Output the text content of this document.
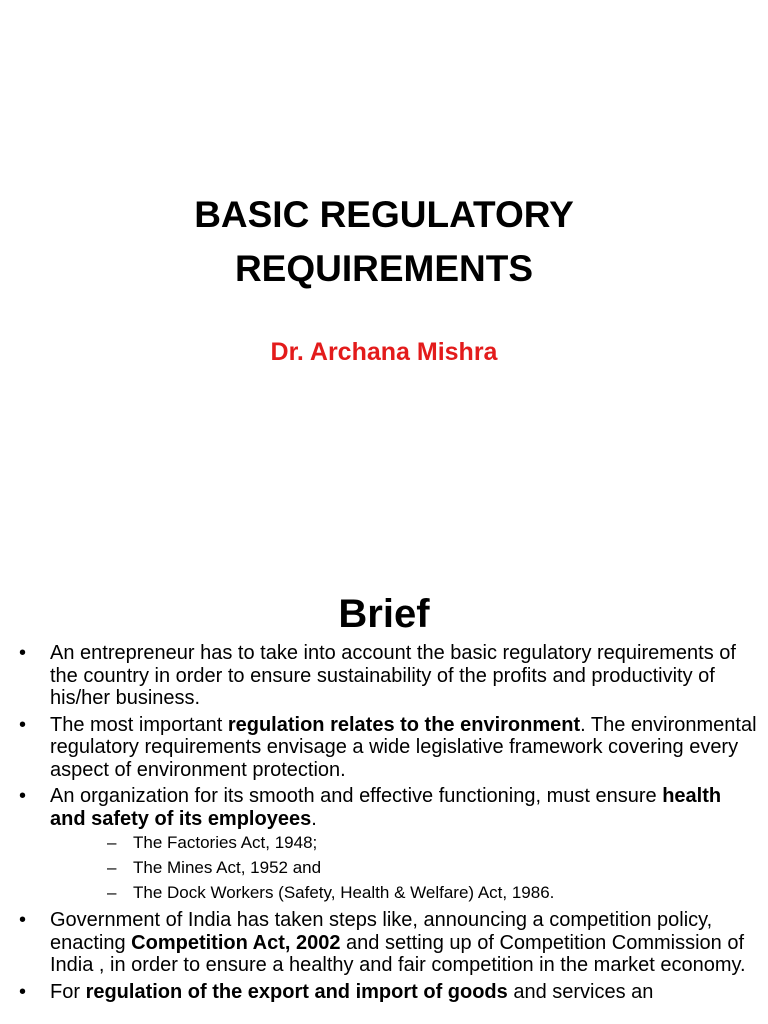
BASIC REGULATORY
REQUIREMENTS
Dr. Archana Mishra
Brief
•	An entrepreneur has to take into account the basic regulatory requirements of the country in order to ensure sustainability of the profits and productivity of his/her business.
•	The most important regulation relates to the environment. The environmental regulatory requirements envisage a wide legislative framework covering every aspect of environment protection.
•	An organization for its smooth and effective functioning, must ensure health and safety of its employees.
– The Factories Act, 1948;
– The Mines Act, 1952 and
– The Dock Workers (Safety, Health & Welfare) Act, 1986.
•	Government of India has taken steps like, announcing a competition policy, enacting Competition Act, 2002 and setting up of Competition Commission of India , in order to ensure a healthy and fair competition in the market economy.
•	For regulation of the export and import of goods and services an
